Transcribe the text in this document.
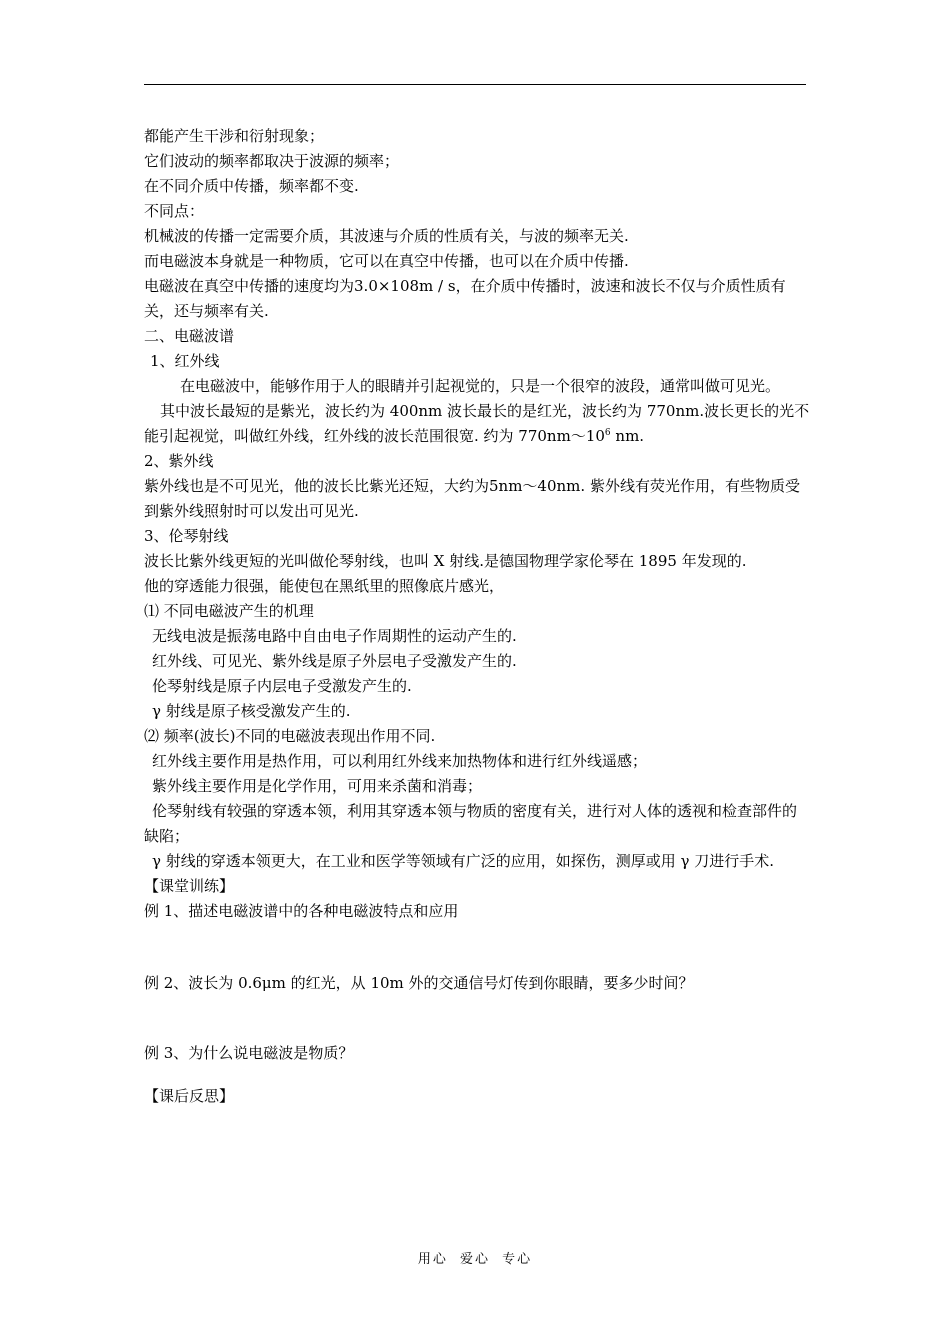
都能产生干涉和衍射现象；

它们波动的频率都取决于波源的频率；

在不同介质中传播，频率都不变.

不同点：

机械波的传播一定需要介质，其波速与介质的性质有关，与波的频率无关.

而电磁波本身就是一种物质，它可以在真空中传播，也可以在介质中传播.

电磁波在真空中传播的速度均为3.0×108m / s，在介质中传播时，波速和波长不仅与介质性质有关，还与频率有关.

二、电磁波谱

1、红外线

在电磁波中，能够作用于人的眼睛并引起视觉的，只是一个很窄的波段，通常叫做可见光。

其中波长最短的是紫光，波长约为 400nm 波长最长的是红光，波长约为 770nm.波长更长的光不能引起视觉，叫做红外线，红外线的波长范围很宽. 约为 $770nm\sim 10^6$ nm.

2、紫外线

紫外线也是不可见光，他的波长比紫光还短，大约为5nm～40nm. 紫外线有荧光作用，有些物质受到紫外线照射时可以发出可见光.

3、伦琴射线

波长比紫外线更短的光叫做伦琴射线，也叫 X 射线.是德国物理学家伦琴在 1895 年发现的.

他的穿透能力很强，能使包在黑纸里的照像底片感光，

⑴ 不同电磁波产生的机理

无线电波是振荡电路中自由电子作周期性的运动产生的.

红外线、可见光、紫外线是原子外层电子受激发产生的.

伦琴射线是原子内层电子受激发产生的.

γ 射线是原子核受激发产生的.

⑵ 频率(波长)不同的电磁波表现出作用不同.

红外线主要作用是热作用，可以利用红外线来加热物体和进行红外线遥感；

紫外线主要作用是化学作用，可用来杀菌和消毒；

伦琴射线有较强的穿透本领，利用其穿透本领与物质的密度有关，进行对人体的透视和检查部件的缺陷；

γ 射线的穿透本领更大，在工业和医学等领域有广泛的应用，如探伤，测厚或用 γ 刀进行手术.

【课堂训练】

例 1、描述电磁波谱中的各种电磁波特点和应用

例 2、波长为 0.6μm 的红光，从 10m 外的交通信号灯传到你眼睛，要多少时间？

例 3、为什么说电磁波是物质？

【课后反思】

用心 爱心 专心
